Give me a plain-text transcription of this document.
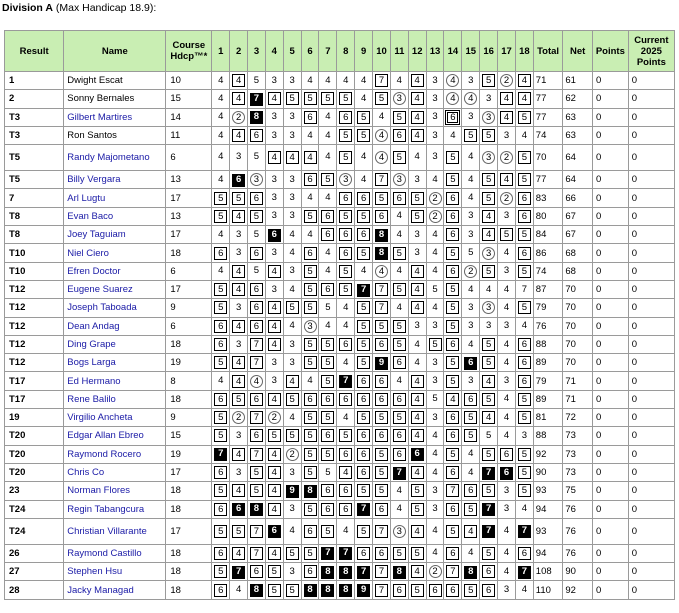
Division A (Max Handicap 18.9):
Result	Name	Course Hdcp™*	1	2	3	4	5	6	7	8	9	10	11	12	13	14	15	16	17	18	Total	Net	Points	Current 2025 Points
1	Dwight Escat	10	4	4	5	3	3	4	4	4	4	7	4	4	3	4	3	5	2	4	71	61	0	0
2	Sonny Bernales	15	4	4	7	4	5	5	5	5	4	5	3	4	3	4	4	3	4	4	77	62	0	0
T3	Gilbert Martires	14	4	2	8	3	3	6	4	6	5	4	5	4	3	6	3	3	4	5	77	63	0	0
T3	Ron Santos	11	4	4	6	3	3	4	4	5	5	4	6	4	3	4	5	5	3	4	74	63	0	0
T5	Randy Majometano	6	4	3	5	4	4	4	4	5	4	4	5	4	3	5	4	3	2	5	70	64	0	0
T5	Billy Vergara	13	4	6	3	3	3	6	5	3	4	7	3	3	4	5	4	5	4	5	77	64	0	0
7	Arl Lugtu	17	5	5	6	3	3	4	4	6	6	5	6	5	2	6	4	5	2	6	83	66	0	0
T8	Evan Baco	13	5	4	5	3	3	5	6	5	5	6	4	5	2	6	3	4	3	6	80	67	0	0
T8	Joey Taguiam	17	4	3	5	6	4	4	6	6	6	8	4	3	4	6	3	4	5	5	84	67	0	0
T10	Niel Ciero	18	6	3	6	3	4	6	4	6	5	8	5	3	4	5	5	3	4	6	86	68	0	0
T10	Efren Doctor	6	4	4	5	4	3	5	4	5	4	4	4	4	4	6	2	5	3	5	74	68	0	0
T12	Eugene Suarez	17	5	4	6	3	4	5	6	5	7	7	5	4	5	5	4	4	4	7	87	70	0	0
T12	Joseph Taboada	9	5	3	6	4	5	5	5	4	5	7	4	4	4	5	3	3	4	5	79	70	0	0
T12	Dean Andag	6	6	4	6	4	4	3	4	4	5	5	5	3	3	5	3	3	3	4	76	70	0	0
T12	Ding Grape	18	6	3	7	4	3	5	5	6	5	6	5	4	5	6	4	5	4	6	88	70	0	0
T12	Bogs Larga	19	5	4	7	3	3	5	5	4	5	9	6	4	3	5	6	5	4	6	89	70	0	0
T17	Ed Hermano	8	4	4	4	3	4	4	5	7	6	6	4	4	3	5	3	4	3	6	79	71	0	0
T17	Rene Balilo	18	6	5	6	4	5	6	6	6	6	6	6	4	5	4	6	5	4	5	89	71	0	0
19	Virgilio Ancheta	9	5	2	7	2	4	5	5	4	5	5	5	4	3	6	5	4	4	5	81	72	0	0
T20	Edgar Allan Ebreo	15	5	3	6	5	5	5	6	5	6	6	6	4	4	6	5	5	4	3	88	73	0	0
T20	Raymond Rocero	19	7	4	7	4	2	5	5	6	6	5	6	6	4	5	4	5	6	5	92	73	0	0
T20	Chris Co	17	6	3	5	4	3	5	5	4	6	5	7	4	4	6	4	7	6	5	90	73	0	0
23	Norman Flores	18	5	4	5	4	9	8	6	6	5	5	4	5	3	7	6	5	3	5	93	75	0	0
T24	Regin Tabangcura	18	6	6	8	4	3	5	6	6	7	6	4	5	3	6	5	7	3	4	94	76	0	0
T24	Christian Villarante	17	5	5	7	6	4	6	5	4	5	7	3	4	4	5	4	7	4	7	93	76	0	0
26	Raymond Castillo	18	6	4	7	4	5	5	7	7	6	6	5	5	4	6	4	5	4	6	94	76	0	0
27	Stephen Hsu	18	5	7	6	5	3	6	8	8	7	7	8	4	2	7	8	6	4	7	108	90	0	0
28	Jacky Managad	18	6	4	8	5	5	8	8	8	9	7	6	5	6	6	5	6	3	4	110	92	0	0
